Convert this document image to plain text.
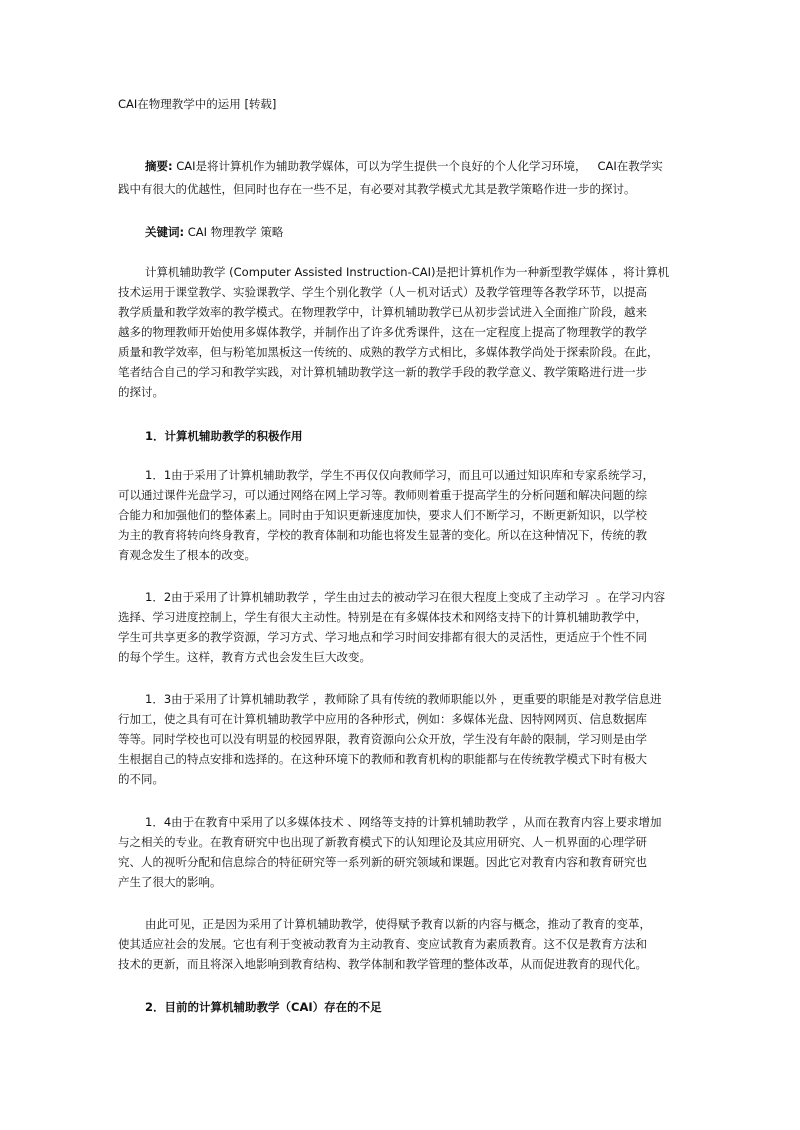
CAI在物理教学中的运用 [转载]
摘要: CAI是将计算机作为辅助教学媒体，可以为学生提供一个良好的个人化学习环境，   CAI在教学实
践中有很大的优越性，但同时也存在一些不足，有必要对其教学模式尤其是教学策略作进一步的探讨。
关键词: CAI 物理教学 策略
计算机辅助教学 (Computer Assisted Instruction-CAI)是把计算机作为一种新型教学媒体 ，将计算机
技术运用于课堂教学、实验课教学、学生个别化教学（人－机对话式）及教学管理等各教学环节，以提高
教学质量和教学效率的教学模式。在物理教学中，计算机辅助教学已从初步尝试进入全面推广阶段，越来
越多的物理教师开始使用多媒体教学，并制作出了许多优秀课件，这在一定程度上提高了物理教学的教学
质量和教学效率，但与粉笔加黑板这一传统的、成熟的教学方式相比，多媒体教学尚处于探索阶段。在此，
笔者结合自己的学习和教学实践，对计算机辅助教学这一新的教学手段的教学意义、教学策略进行进一步
的探讨。
1．计算机辅助教学的积极作用
1．1由于采用了计算机辅助教学，学生不再仅仅向教师学习，而且可以通过知识库和专家系统学习，
可以通过课件光盘学习，可以通过网络在网上学习等。教师则着重于提高学生的分析问题和解决问题的综
合能力和加强他们的整体素上。同时由于知识更新速度加快，要求人们不断学习，不断更新知识，以学校
为主的教育将转向终身教育，学校的教育体制和功能也将发生显著的变化。所以在这种情况下，传统的教
育观念发生了根本的改变。
1．2由于采用了计算机辅助教学 ，学生由过去的被动学习在很大程度上变成了主动学习  。在学习内容
选择、学习进度控制上，学生有很大主动性。特别是在有多媒体技术和网络支持下的计算机辅助教学中，
学生可共享更多的教学资源，学习方式、学习地点和学习时间安排都有很大的灵活性，更适应于个性不同
的每个学生。这样，教育方式也会发生巨大改变。
1．3由于采用了计算机辅助教学 ，教师除了具有传统的教师职能以外 ，更重要的职能是对教学信息进
行加工，使之具有可在计算机辅助教学中应用的各种形式，例如：多媒体光盘、因特网网页、信息数据库
等等。同时学校也可以没有明显的校园界限，教育资源向公众开放，学生没有年龄的限制，学习则是由学
生根据自己的特点安排和选择的。在这种环境下的教师和教育机构的职能都与在传统教学模式下时有极大
的不同。
1．4由于在教育中采用了以多媒体技术 、网络等支持的计算机辅助教学 ，从而在教育内容上要求增加
与之相关的专业。在教育研究中也出现了新教育模式下的认知理论及其应用研究、人－机界面的心理学研
究、人的视听分配和信息综合的特征研究等一系列新的研究领域和课题。因此它对教育内容和教育研究也
产生了很大的影响。
由此可见，正是因为采用了计算机辅助教学，使得赋予教育以新的内容与概念，推动了教育的变革，
使其适应社会的发展。它也有利于变被动教育为主动教育、变应试教育为素质教育。这不仅是教育方法和
技术的更新，而且将深入地影响到教育结构、教学体制和教学管理的整体改革，从而促进教育的现代化。
2．目前的计算机辅助教学（CAI）存在的不足
